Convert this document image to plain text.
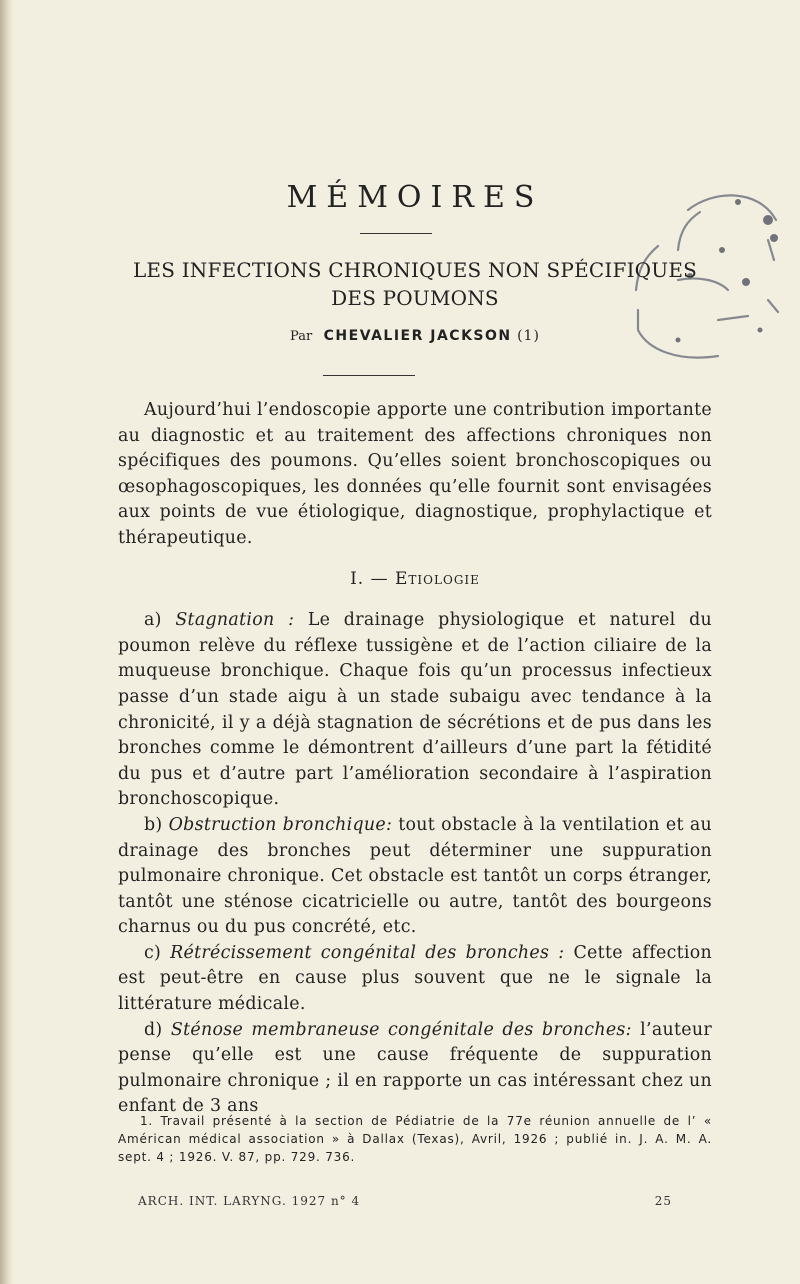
MÉMOIRES
LES INFECTIONS CHRONIQUES NON SPÉCIFIQUES
DES POUMONS
Par CHEVALIER JACKSON (1)

Aujourd’hui l’endoscopie apporte une contribution importante au diagnostic et au traitement des affections chroniques non spécifiques des poumons. Qu’elles soient bronchoscopiques ou œsophagoscopiques, les données qu’elle fournit sont envisagées aux points de vue étiologique, diagnostique, prophylactique et thérapeutique.

I. — Etiologie

a) Stagnation : Le drainage physiologique et naturel du poumon relève du réflexe tussigène et de l’action ciliaire de la muqueuse bronchique. Chaque fois qu’un processus infectieux passe d’un stade aigu à un stade subaigu avec tendance à la chronicité, il y a déjà stagnation de sécrétions et de pus dans les bronches comme le démontrent d’ailleurs d’une part la fétidité du pus et d’autre part l’amélioration secondaire à l’aspiration bronchoscopique.

b) Obstruction bronchique: tout obstacle à la ventilation et au drainage des bronches peut déterminer une suppuration pulmonaire chronique. Cet obstacle est tantôt un corps étranger, tantôt une sténose cicatricielle ou autre, tantôt des bourgeons charnus ou du pus concrété, etc.

c) Rétrécissement congénital des bronches : Cette affection est peut-être en cause plus souvent que ne le signale la littérature médicale.

d) Sténose membraneuse congénitale des bronches: l’auteur pense qu’elle est une cause fréquente de suppuration pulmonaire chronique ; il en rapporte un cas intéressant chez un enfant de 3 ans

1. Travail présenté à la section de Pédiatrie de la 77e réunion annuelle de l’ « Américan médical association » à Dallax (Texas), Avril, 1926 ; publié in. J. A. M. A. sept. 4 ; 1926. V. 87, pp. 729. 736.

ARCH. INT. LARYNG. 1927 n° 4	25
